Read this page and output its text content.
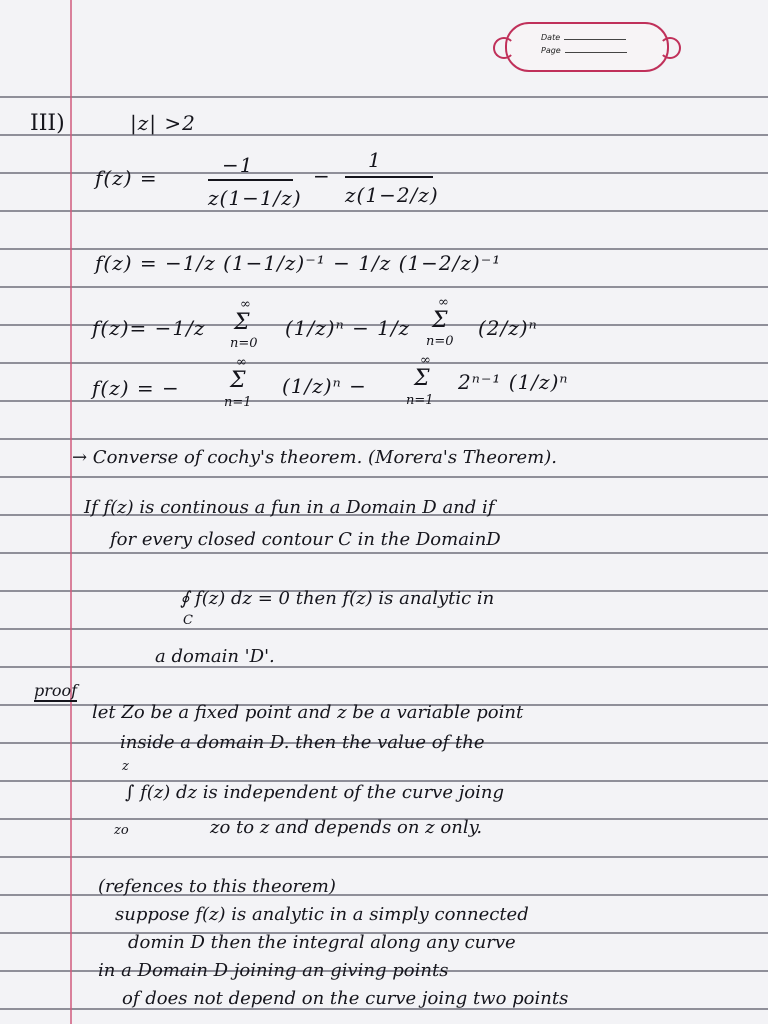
Date
Page
III)	|z| >2
f(z) =
−1
z(1−1/z)
−
1
z(1−2/z)
f(z) = −1/z (1−1/z)⁻¹ − 1/z (1−2/z)⁻¹
f(z)= −1/z
∞
Σ
n=0
(1/z)ⁿ − 1/z
∞
Σ
n=0
(2/z)ⁿ
f(z) = −
∞
Σ
n=1
(1/z)ⁿ −
∞
Σ
n=1
2ⁿ⁻¹ (1/z)ⁿ
→ Converse of cochy's theorem. (Morera's Theorem).
If f(z) is continous a fun in a Domain D and if
for every closed contour C in the DomainD
∮ f(z) dz = 0 then f(z) is analytic in
C
a domain 'D'.
proof
let Zo be a fixed point and z be a variable point
inside a domain D. then the value of the
z
∫ f(z) dz is independent of the curve joing
zo	zo to z and depends on z only.
(refences to this theorem)
suppose f(z) is analytic in a simply connected
domin D then the integral along any curve
in a Domain D joining an giving points
of does not depend on the curve joing two points
